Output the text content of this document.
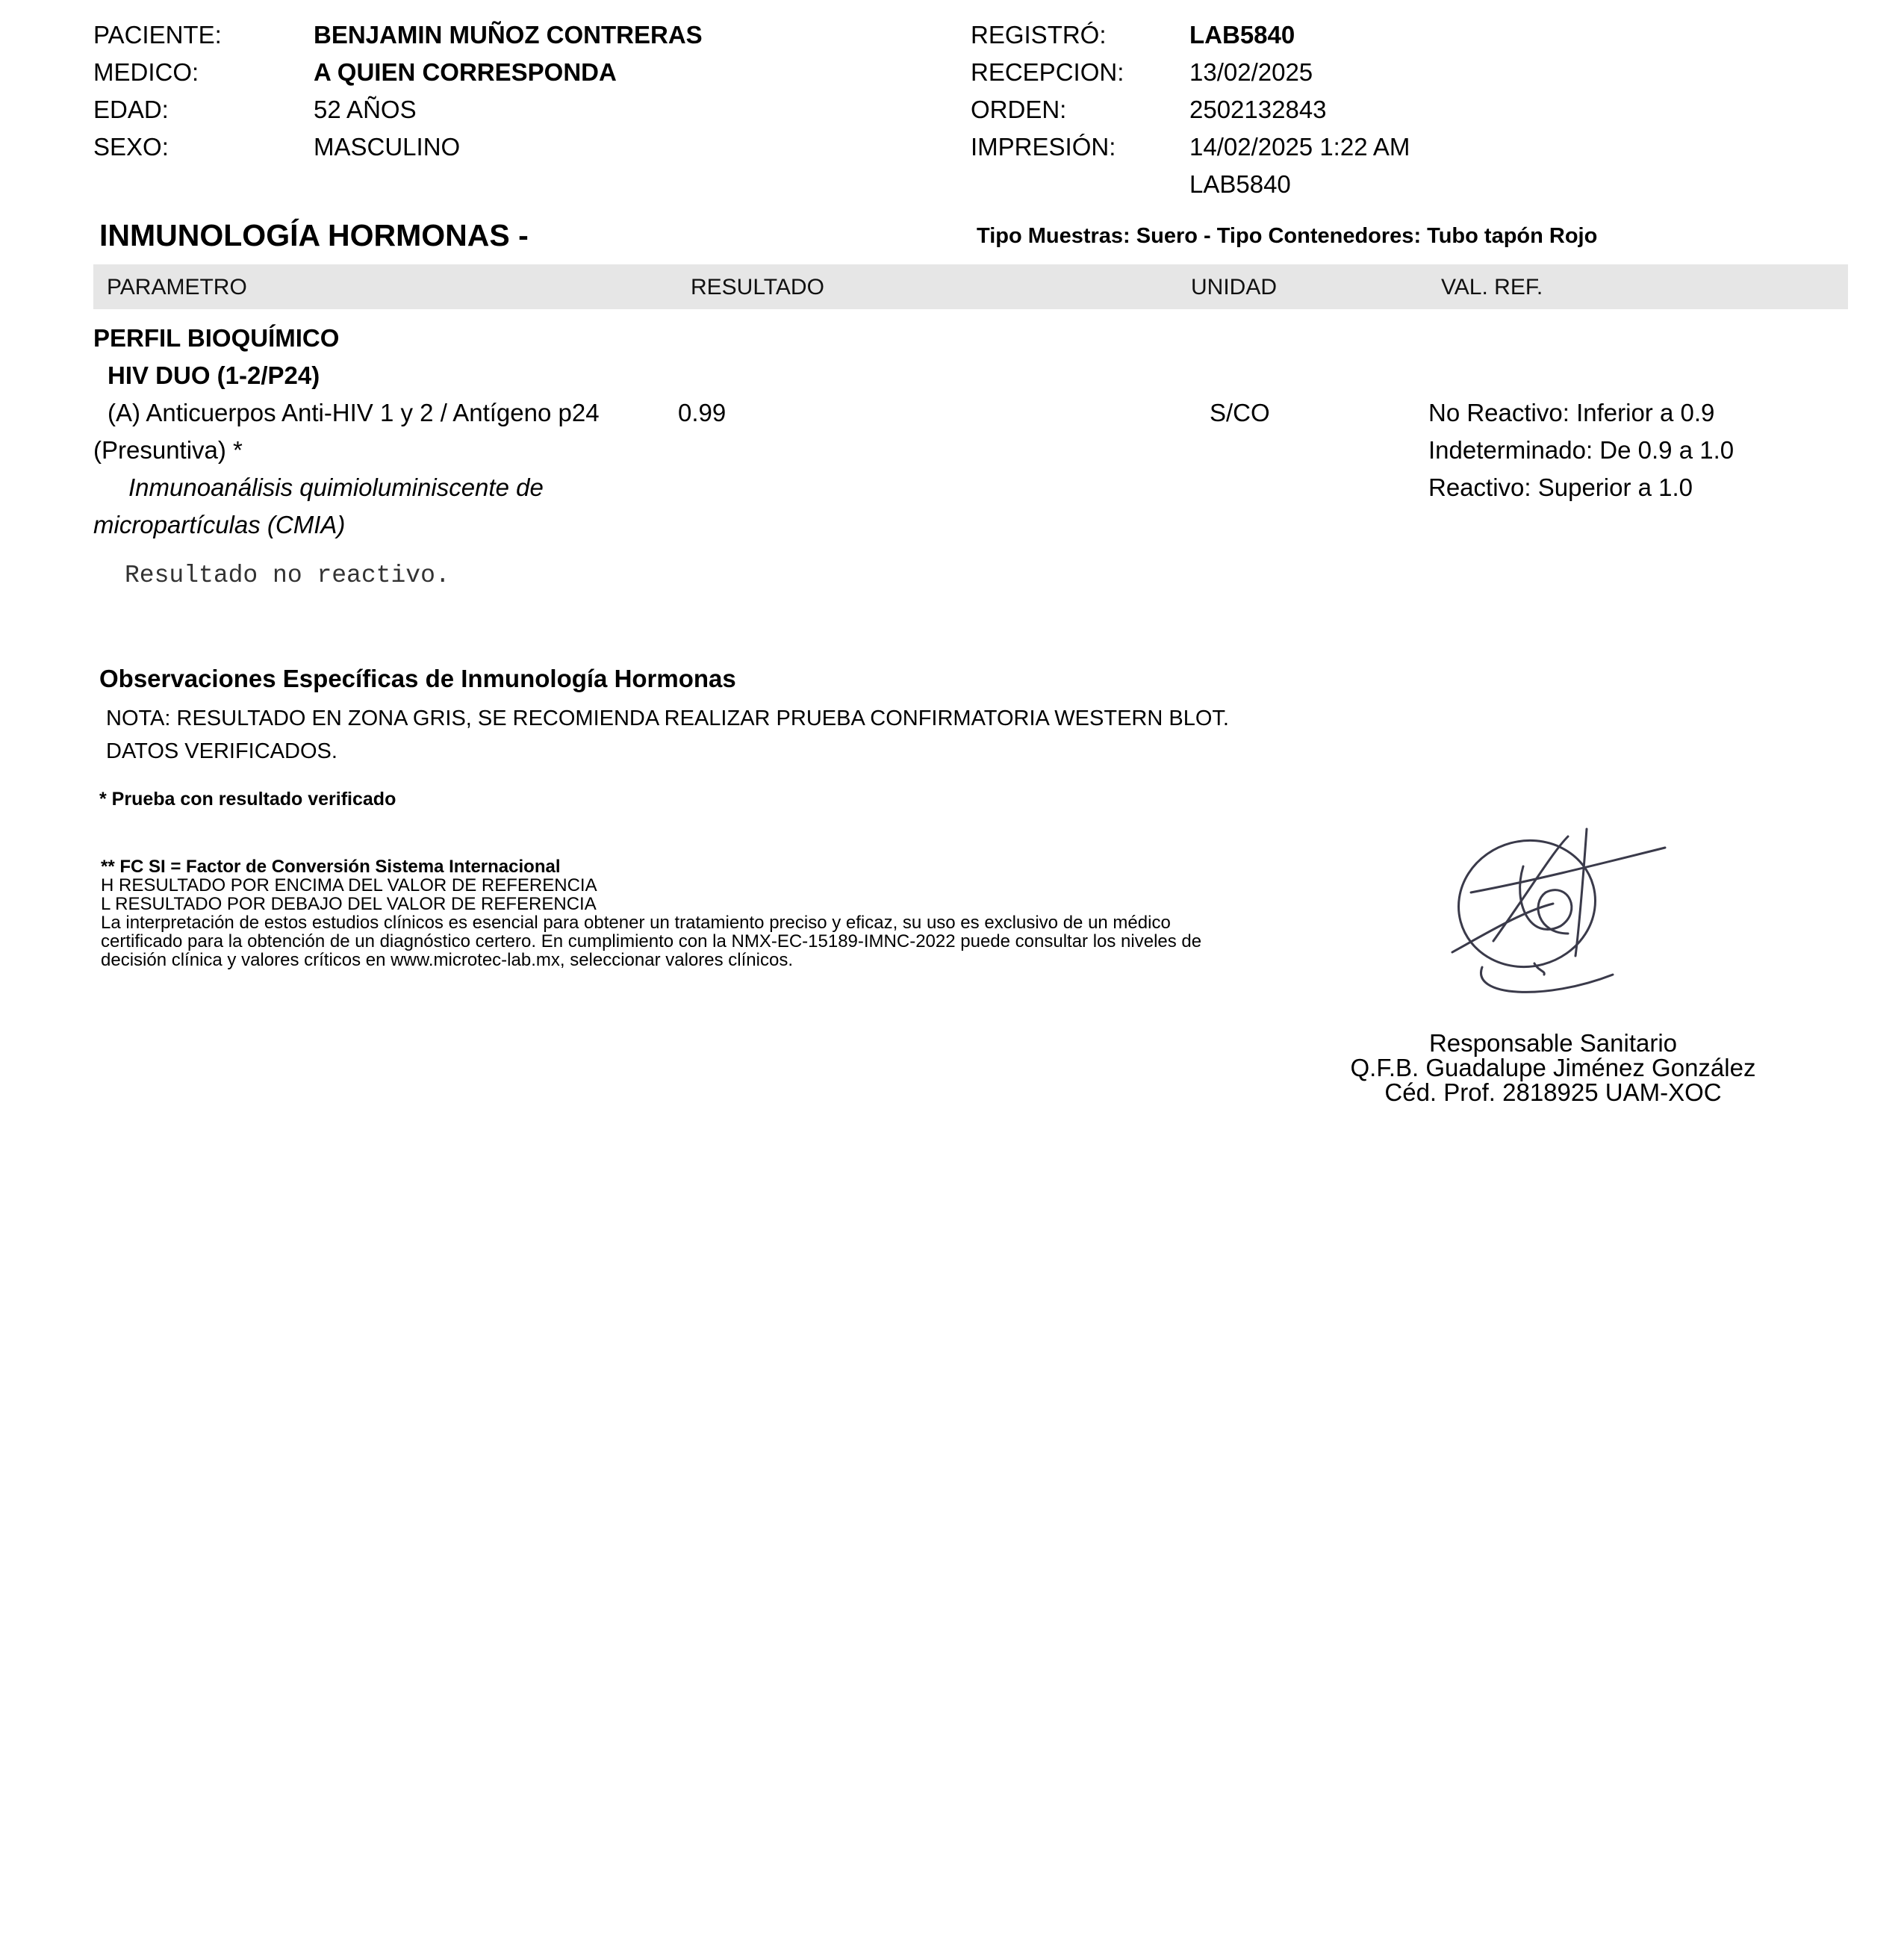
PACIENTE:	BENJAMIN MUÑOZ CONTRERAS
MEDICO:	A QUIEN CORRESPONDA
EDAD:	52 AÑOS
SEXO:	MASCULINO
REGISTRÓ:	LAB5840
RECEPCION:	13/02/2025
ORDEN:	2502132843
IMPRESIÓN:	14/02/2025 1:22 AM
LAB5840
INMUNOLOGÍA HORMONAS -	Tipo Muestras: Suero - Tipo Contenedores: Tubo tapón Rojo
PARAMETRO	RESULTADO	UNIDAD	VAL. REF.
PERFIL BIOQUÍMICO
HIV DUO (1-2/P24)
(A) Anticuerpos Anti-HIV 1 y 2 / Antígeno p24
(Presuntiva) *
Inmunoanálisis quimioluminiscente de
micropartículas (CMIA)
0.99	S/CO	No Reactivo: Inferior a 0.9
Indeterminado: De 0.9 a 1.0
Reactivo: Superior a 1.0
Resultado no reactivo.
Observaciones Específicas de Inmunología Hormonas
NOTA: RESULTADO EN ZONA GRIS, SE RECOMIENDA REALIZAR PRUEBA CONFIRMATORIA WESTERN BLOT.
DATOS VERIFICADOS.
* Prueba con resultado verificado
** FC SI = Factor de Conversión Sistema Internacional
H RESULTADO POR ENCIMA DEL VALOR DE REFERENCIA
L RESULTADO POR DEBAJO DEL VALOR DE REFERENCIA
La interpretación de estos estudios clínicos es esencial para obtener un tratamiento preciso y eficaz, su uso es exclusivo de un médico
certificado para la obtención de un diagnóstico certero. En cumplimiento con la NMX-EC-15189-IMNC-2022 puede consultar los niveles de
decisión clínica y valores críticos en www.microtec-lab.mx, seleccionar valores clínicos.
Responsable Sanitario
Q.F.B. Guadalupe Jiménez González
Céd. Prof. 2818925 UAM-XOC
